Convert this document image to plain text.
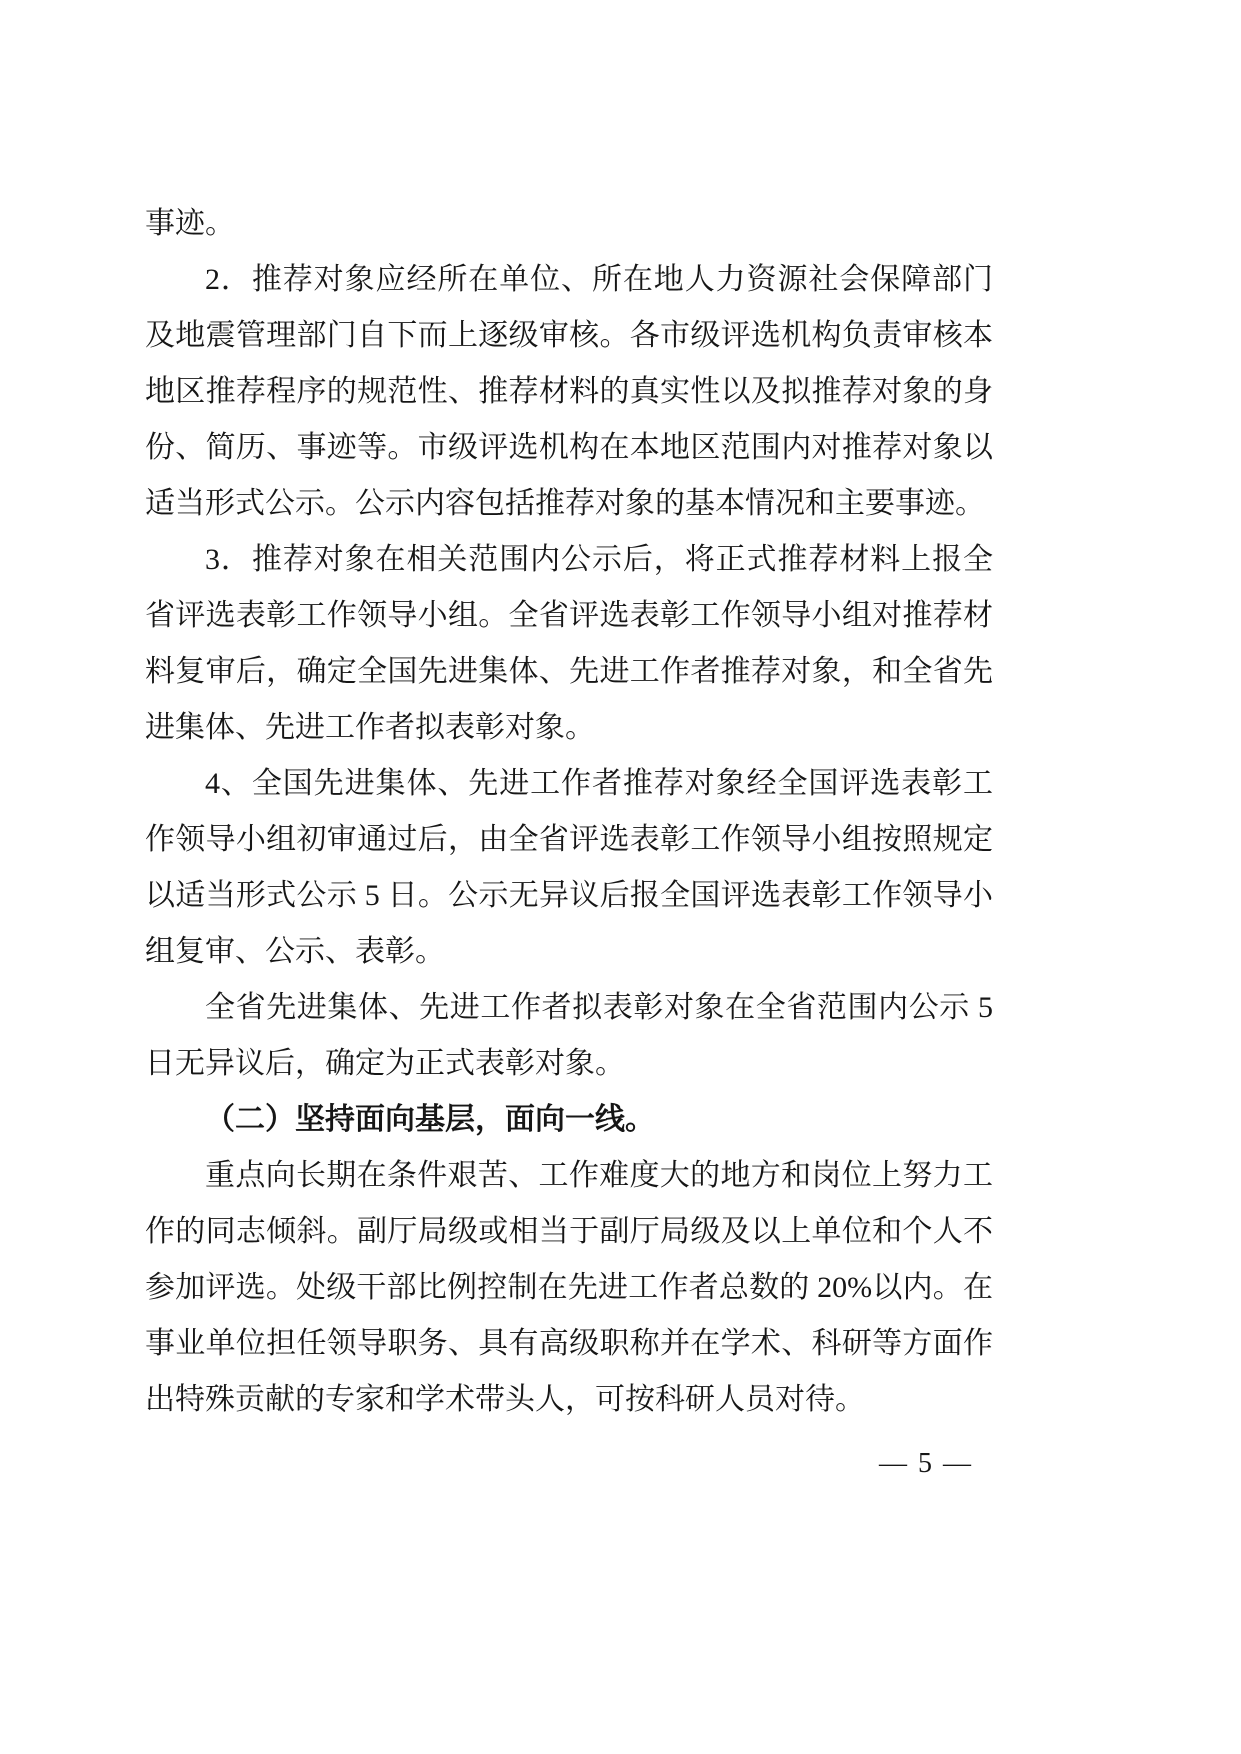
事迹。

2．推荐对象应经所在单位、所在地人力资源社会保障部门及地震管理部门自下而上逐级审核。各市级评选机构负责审核本地区推荐程序的规范性、推荐材料的真实性以及拟推荐对象的身份、简历、事迹等。市级评选机构在本地区范围内对推荐对象以适当形式公示。公示内容包括推荐对象的基本情况和主要事迹。

3．推荐对象在相关范围内公示后，将正式推荐材料上报全省评选表彰工作领导小组。全省评选表彰工作领导小组对推荐材料复审后，确定全国先进集体、先进工作者推荐对象，和全省先进集体、先进工作者拟表彰对象。

4、全国先进集体、先进工作者推荐对象经全国评选表彰工作领导小组初审通过后，由全省评选表彰工作领导小组按照规定以适当形式公示 5 日。公示无异议后报全国评选表彰工作领导小组复审、公示、表彰。

全省先进集体、先进工作者拟表彰对象在全省范围内公示 5 日无异议后，确定为正式表彰对象。

（二）坚持面向基层，面向一线。

重点向长期在条件艰苦、工作难度大的地方和岗位上努力工作的同志倾斜。副厅局级或相当于副厅局级及以上单位和个人不参加评选。处级干部比例控制在先进工作者总数的 20%以内。在事业单位担任领导职务、具有高级职称并在学术、科研等方面作出特殊贡献的专家和学术带头人，可按科研人员对待。

— 5 —
